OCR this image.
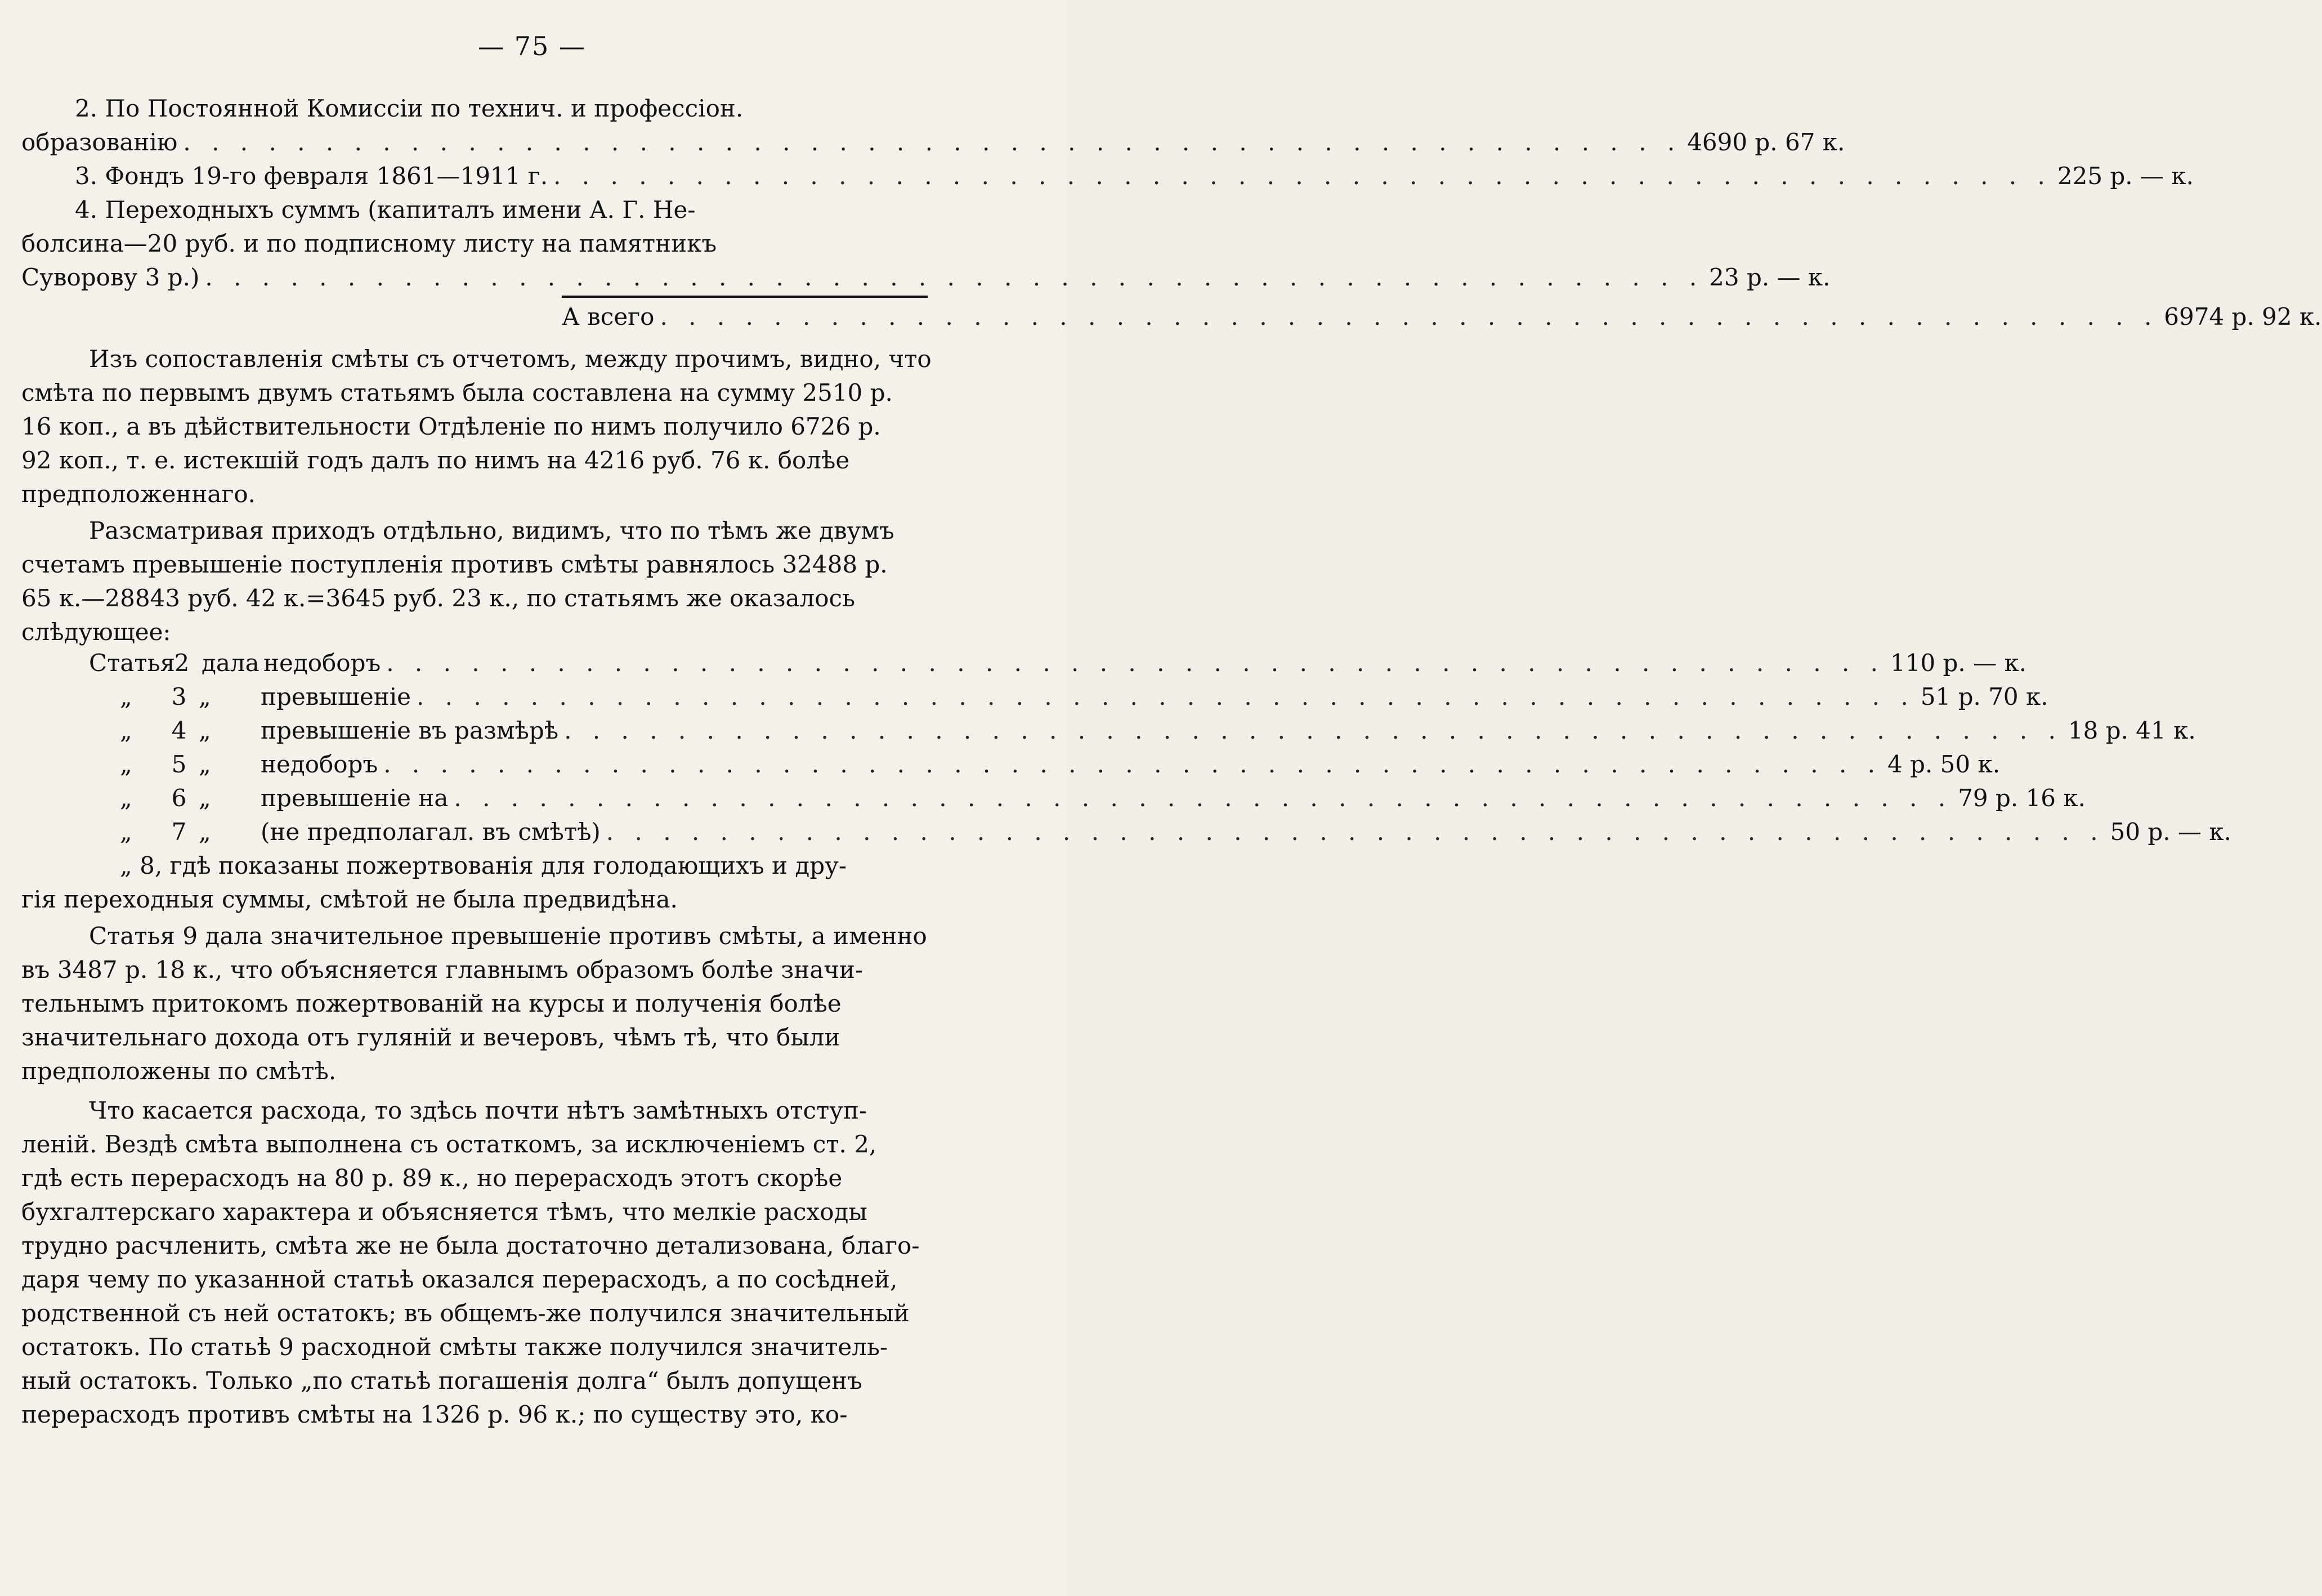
— 75 —
2. По Постоянной Комиссіи по технич. и профессіон.
образованію . . . . . . . . . . . . . . . . . . . . . . . . . . . . . . . . . . . . . . . . . . . . . . . . . . . . . 4690 р. 67 к.
3. Фондъ 19-го февраля 1861—1911 г. . . . . . . . . . . . . . . . . . . . . . . . . . . . . . . . . . . . . . . . . . . . . . . . . . . . . . 225 р. — к.
4. Переходныхъ суммъ (капиталъ имени А. Г. Не-
болсина—20 руб. и по подписному листу на памятникъ
Суворову 3 р.) . . . . . . . . . . . . . . . . . . . . . . . . . . . . . . . . . . . . . . . . . . . . . . . . . . . . . 23 р. — к.
А всего . . . . . . . . . . . . . . . . . . . . . . . . . . . . . . . . . . . . . . . . . . . . . . . . . . . . . 6974 р. 92 к.
Изъ сопоставленія смѣты съ отчетомъ, между прочимъ, видно, что
смѣта по первымъ двумъ статьямъ была составлена на сумму 2510 р.
16 коп., а въ дѣйствительности Отдѣленіе по нимъ получило 6726 р.
92 коп., т. е. истекшій годъ далъ по нимъ на 4216 руб. 76 к. болѣе
предположеннаго.
Разсматривая приходъ отдѣльно, видимъ, что по тѣмъ же двумъ
счетамъ превышеніе поступленія противъ смѣты равнялось 32488 р.
65 к.—28843 руб. 42 к.=3645 руб. 23 к., по статьямъ же оказалось
слѣдующее:
Статья2 дала недоборъ . . . . . . . . . . . . . . . . . . . . . . . . . . . . . . . . . . . . . . . . . . . . . . . . . . . . . 110 р. — к.
„ 3 „ превышеніе . . . . . . . . . . . . . . . . . . . . . . . . . . . . . . . . . . . . . . . . . . . . . . . . . . . . . 51 р. 70 к.
„ 4 „ превышеніе въ размѣрѣ . . . . . . . . . . . . . . . . . . . . . . . . . . . . . . . . . . . . . . . . . . . . . . . . . . . . . 18 р. 41 к.
„ 5 „ недоборъ . . . . . . . . . . . . . . . . . . . . . . . . . . . . . . . . . . . . . . . . . . . . . . . . . . . . . 4 р. 50 к.
„ 6 „ превышеніе на . . . . . . . . . . . . . . . . . . . . . . . . . . . . . . . . . . . . . . . . . . . . . . . . . . . . . 79 р. 16 к.
„ 7 „ (не предполагал. въ смѣтѣ) . . . . . . . . . . . . . . . . . . . . . . . . . . . . . . . . . . . . . . . . . . . . . . . . . . . . . 50 р. — к.
„ 8, гдѣ показаны пожертвованія для голодающихъ и дру-
гія переходныя суммы, смѣтой не была предвидѣна.
Статья 9 дала значительное превышеніе противъ смѣты, а именно
въ 3487 р. 18 к., что объясняется главнымъ образомъ болѣе значи-
тельнымъ притокомъ пожертвованій на курсы и полученія болѣе
значительнаго дохода отъ гуляній и вечеровъ, чѣмъ тѣ, что были
предположены по смѣтѣ.
Что касается расхода, то здѣсь почти нѣтъ замѣтныхъ отступ-
леній. Вездѣ смѣта выполнена съ остаткомъ, за исключеніемъ ст. 2,
гдѣ есть перерасходъ на 80 р. 89 к., но перерасходъ этотъ скорѣе
бухгалтерскаго характера и объясняется тѣмъ, что мелкіе расходы
трудно расчленить, смѣта же не была достаточно детализована, благо-
даря чему по указанной статьѣ оказался перерасходъ, а по сосѣдней,
родственной съ ней остатокъ; въ общемъ-же получился значительный
остатокъ. По статьѣ 9 расходной смѣты также получился значитель-
ный остатокъ. Только „по статьѣ погашенія долга“ былъ допущенъ
перерасходъ противъ смѣты на 1326 р. 96 к.; по существу это, ко-
